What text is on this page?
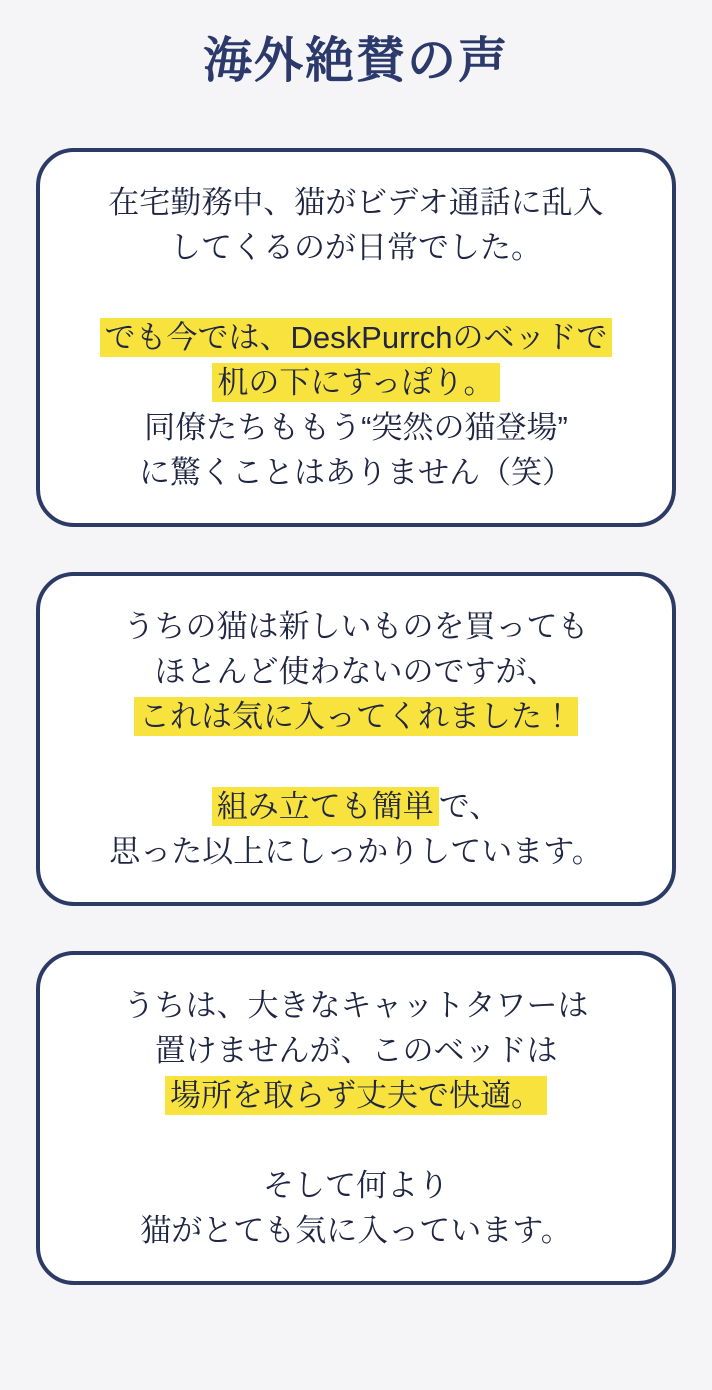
海外絶賛の声
在宅勤務中、猫がビデオ通話に乱入
してくるのが日常でした。
でも今では、DeskPurrchのベッドで
机の下にすっぽり。
同僚たちももう“突然の猫登場”
に驚くことはありません（笑）
うちの猫は新しいものを買っても
ほとんど使わないのですが、
これは気に入ってくれました！
組み立ても簡単 で、
思った以上にしっかりしています。
うちは、大きなキャットタワーは
置けませんが、このベッドは
場所を取らず丈夫で快適。
そして何より
猫がとても気に入っています。
